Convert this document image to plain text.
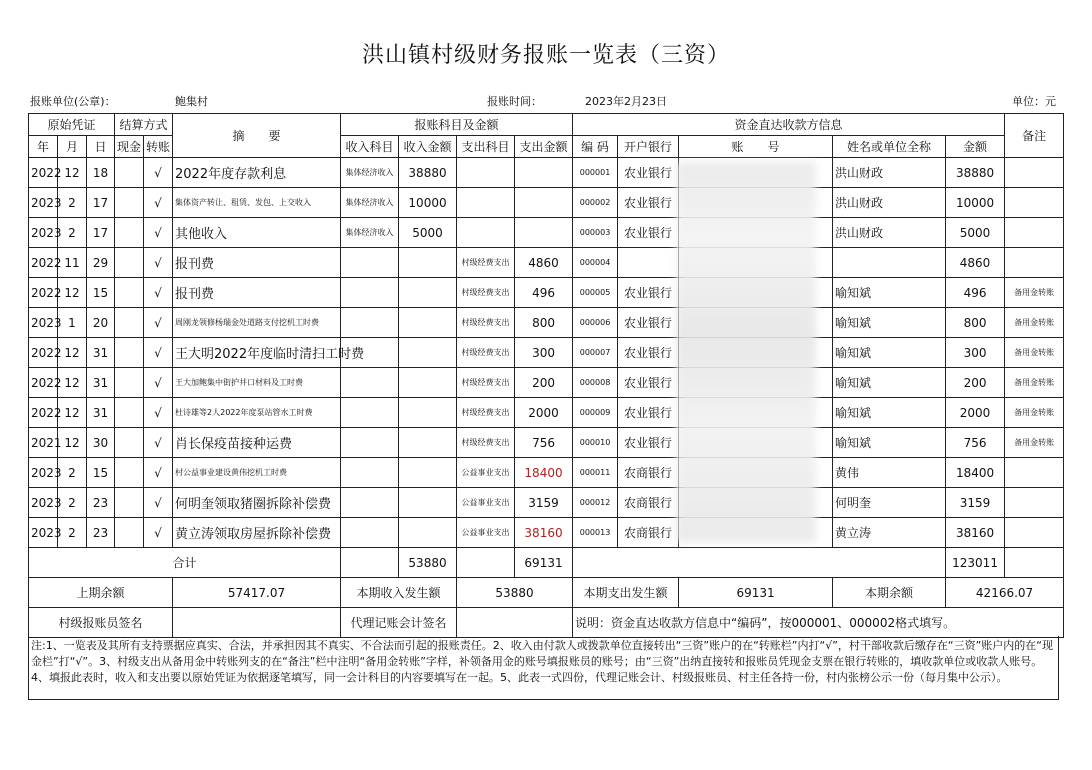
洪山镇村级财务报账一览表（三资）
报账单位(公章)：	鲍集村	报账时间：	2023年2月23日	单位：元
原始凭证			结算方式		摘　　要	报账科目及金额				资金直达收款方信息					备注
年	月	日	现金	转账		收入科目	收入金额	支出科目	支出金额	编 码	开户银行	账　　号	姓名或单位全称	金额	
2022	12	18		√	2022年度存款利息	集体经济收入	38880			000001	农业银行		洪山财政	38880	
2023	2	17		√	集体资产转让、租赁、发包、上交收入	集体经济收入	10000			000002	农业银行		洪山财政	10000	
2023	2	17		√	其他收入	集体经济收入	5000			000003	农业银行		洪山财政	5000	
2022	11	29		√	报刊费			村级经费支出	4860	000004				4860	
2022	12	15		√	报刊费			村级经费支出	496	000005	农业银行		喻知斌	496	备用金转账
2023	1	20		√	周刚龙领修杨瑞金处道路支付挖机工时费			村级经费支出	800	000006	农业银行		喻知斌	800	备用金转账
2022	12	31		√	王大明2022年度临时清扫工时费			村级经费支出	300	000007	农业银行		喻知斌	300	备用金转账
2022	12	31		√	王大加鲍集中街护井口材料及工时费			村级经费支出	200	000008	农业银行		喻知斌	200	备用金转账
2022	12	31		√	杜诗雄等2人2022年度泵站管水工时费			村级经费支出	2000	000009	农业银行		喻知斌	2000	备用金转账
2021	12	30		√	肖长保疫苗接种运费			村级经费支出	756	000010	农业银行		喻知斌	756	备用金转账
2023	2	15		√	村公益事业建设黄伟挖机工时费			公益事业支出	18400	000011	农商银行		黄伟	18400	
2023	2	23		√	何明奎领取猪圈拆除补偿费			公益事业支出	3159	000012	农商银行		何明奎	3159	
2023	2	23		√	黄立涛领取房屋拆除补偿费			公益事业支出	38160	000013	农商银行		黄立涛	38160	
合计							53880		69131					123011	
上期余额					57417.07	本期收入发生额		53880		本期支出发生额		69131	本期余额	42166.07	
村级报账员签名						代理记账会计签名				说明：资金直达收款方信息中“编码”，按000001、000002格式填写。					
注:1、一览表及其所有支持票据应真实、合法，并承担因其不真实、不合法而引起的报账责任。2、收入由付款人或拨款单位直接转出“三资”账户的在“转账栏”内打“√”，村干部收款后缴存在“三资”账户内的在“现金栏”打“√”。3、村级支出从备用金中转账列支的在“备注”栏中注明“备用金转账”字样，补领备用金的账号填报账员的账号；由“三资”出纳直接转和报账员凭现金支票在银行转账的，填收款单位或收款人账号。4、填报此表时，收入和支出要以原始凭证为依据逐笔填写，同一会计科目的内容要填写在一起。5、此表一式四份，代理记账会计、村级报账员、村主任各持一份，村内张榜公示一份（每月集中公示）。
